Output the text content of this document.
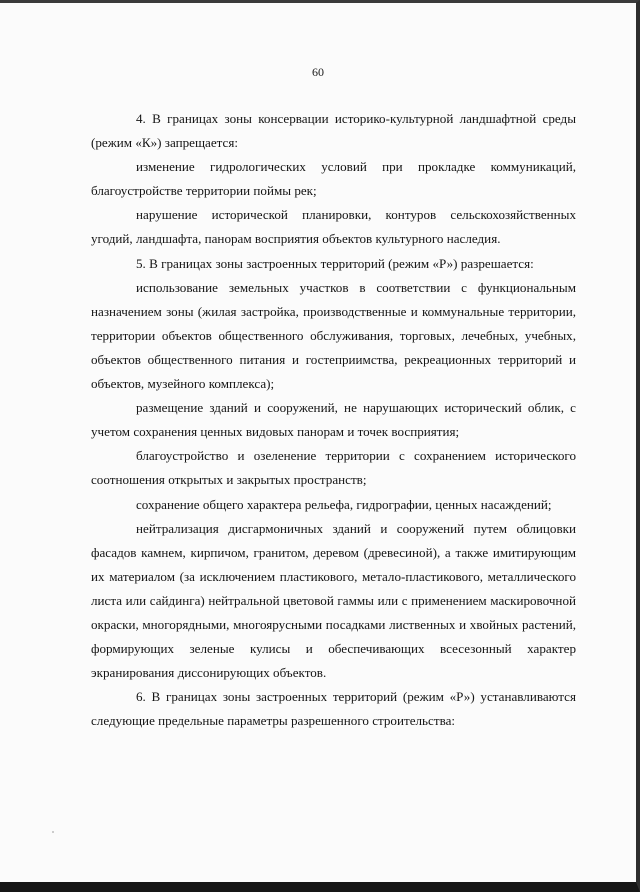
60

4. В границах зоны консервации историко-культурной ландшафтной среды (режим «К») запрещается:

изменение гидрологических условий при прокладке коммуникаций, благоустройстве территории поймы рек;

нарушение исторической планировки, контуров сельскохозяйственных угодий, ландшафта, панорам восприятия объектов культурного наследия.

5. В границах зоны застроенных территорий (режим «Р») разрешается:

использование земельных участков в соответствии с функциональным назначением зоны (жилая застройка, производственные и коммунальные территории, территории объектов общественного обслуживания, торговых, лечебных, учебных, объектов общественного питания и гостеприимства, рекреационных территорий и объектов, музейного комплекса);

размещение зданий и сооружений, не нарушающих исторический облик, с учетом сохранения ценных видовых панорам и точек восприятия;

благоустройство и озеленение территории с сохранением исторического соотношения открытых и закрытых пространств;

сохранение общего характера рельефа, гидрографии, ценных насаждений;

нейтрализация дисгармоничных зданий и сооружений путем облицовки фасадов камнем, кирпичом, гранитом, деревом (древесиной), а также имитирующим их материалом (за исключением пластикового, метало-пластикового, металлического листа или сайдинга) нейтральной цветовой гаммы или с применением маскировочной окраски, многорядными, многоярусными посадками лиственных и хвойных растений, формирующих зеленые кулисы и обеспечивающих всесезонный характер экранирования диссонирующих объектов.

6. В границах зоны застроенных территорий (режим «Р») устанавливаются следующие предельные параметры разрешенного строительства:
